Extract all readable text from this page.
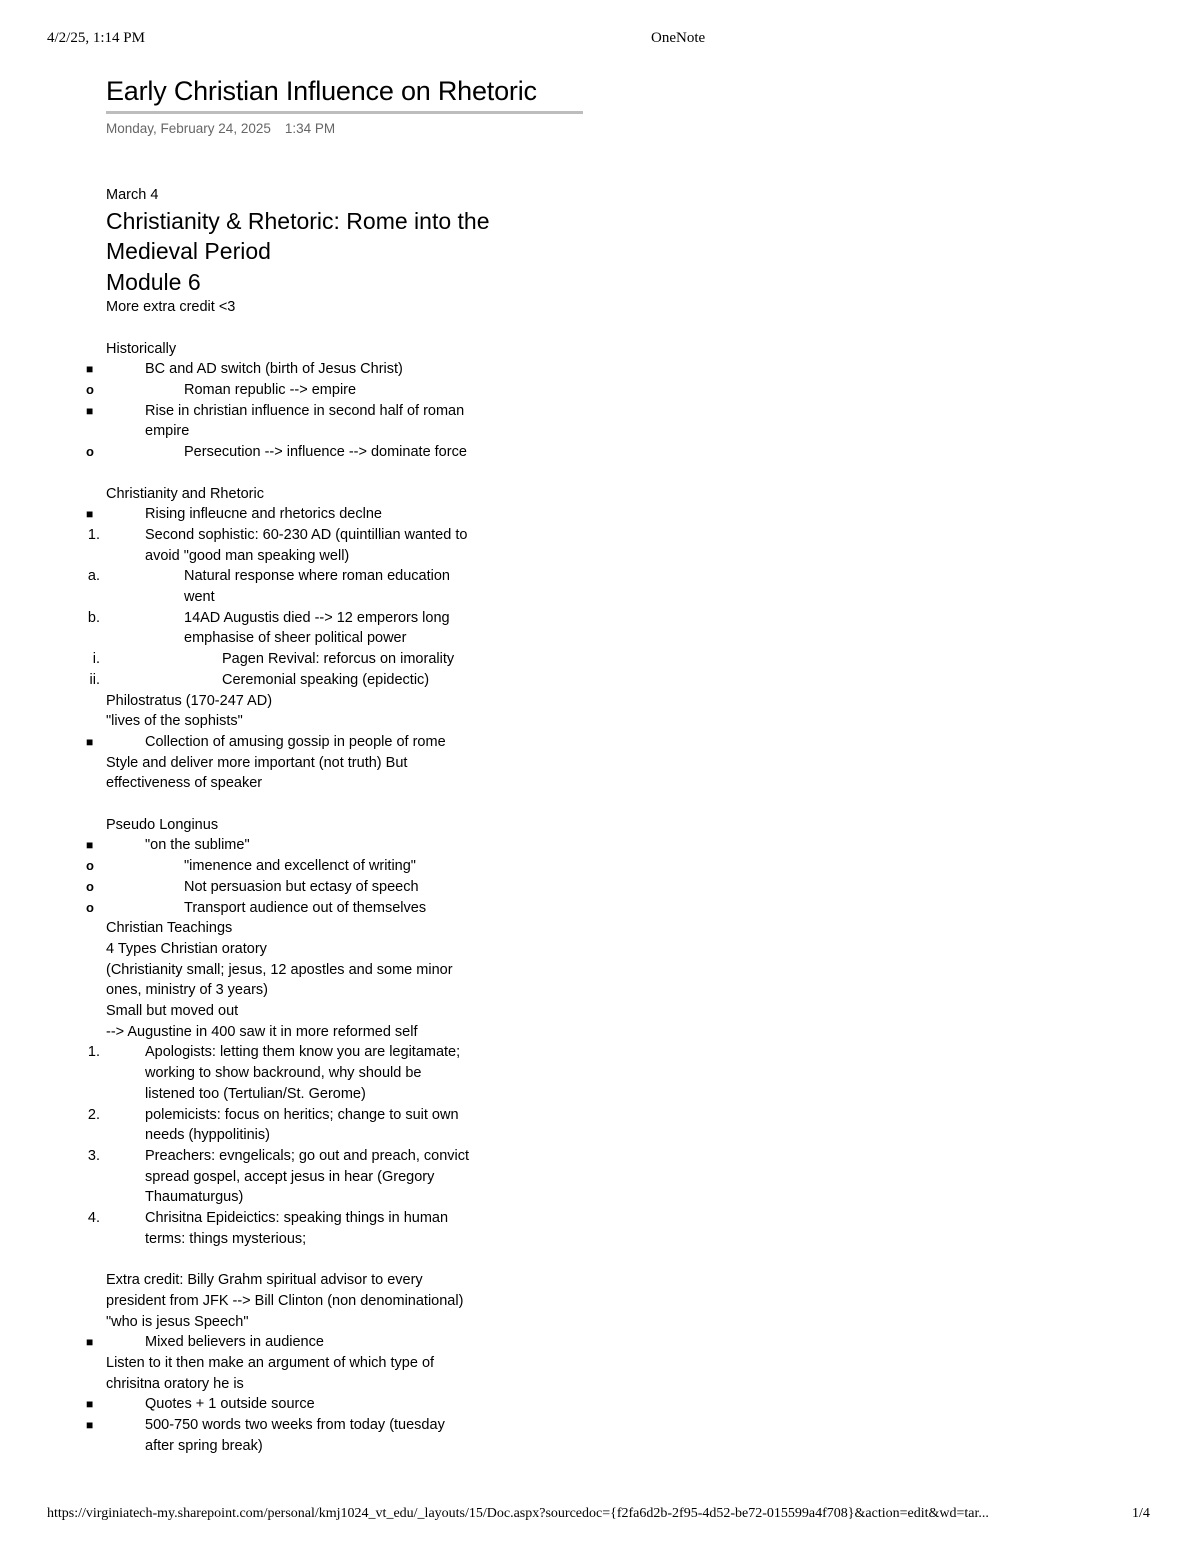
4/2/25, 1:14 PM	OneNote
Early Christian Influence on Rhetoric
Monday, February 24, 2025 1:34 PM
March 4
Christianity & Rhetoric: Rome into the
Medieval Period
Module 6
More extra credit <3
Historically
■	BC and AD switch (birth of Jesus Christ)
o	Roman republic --> empire
■	Rise in christian influence in second half of roman
empire
o	Persecution --> influence --> dominate force
Christianity and Rhetoric
■	Rising infleucne and rhetorics declne
1.	Second sophistic: 60-230 AD (quintillian wanted to
avoid "good man speaking well)
a.	Natural response where roman education
went
b.	14AD Augustis died --> 12 emperors long
emphasise of sheer political power
i.	Pagen Revival: reforcus on imorality
ii.	Ceremonial speaking (epidectic)
Philostratus (170-247 AD)
"lives of the sophists"
■	Collection of amusing gossip in people of rome
Style and deliver more important (not truth) But
effectiveness of speaker
Pseudo Longinus
■	"on the sublime"
o	"imenence and excellenct of writing"
o	Not persuasion but ectasy of speech
o	Transport audience out of themselves
Christian Teachings
4 Types Christian oratory
(Christianity small; jesus, 12 apostles and some minor
ones, ministry of 3 years)
Small but moved out
--> Augustine in 400 saw it in more reformed self
1.	Apologists: letting them know you are legitamate;
working to show backround, why should be
listened too (Tertulian/St. Gerome)
2.	polemicists: focus on heritics; change to suit own
needs (hyppolitinis)
3.	Preachers: evngelicals; go out and preach, convict
spread gospel, accept jesus in hear (Gregory
Thaumaturgus)
4.	Chrisitna Epideictics: speaking things in human
terms: things mysterious;
Extra credit: Billy Grahm spiritual advisor to every
president from JFK --> Bill Clinton (non denominational)
"who is jesus Speech"
■	Mixed believers in audience
Listen to it then make an argument of which type of
chrisitna oratory he is
■	Quotes + 1 outside source
■	500-750 words two weeks from today (tuesday
after spring break)
https://virginiatech-my.sharepoint.com/personal/kmj1024_vt_edu/_layouts/15/Doc.aspx?sourcedoc={f2fa6d2b-2f95-4d52-be72-015599a4f708}&action=edit&wd=tar...	1/4
